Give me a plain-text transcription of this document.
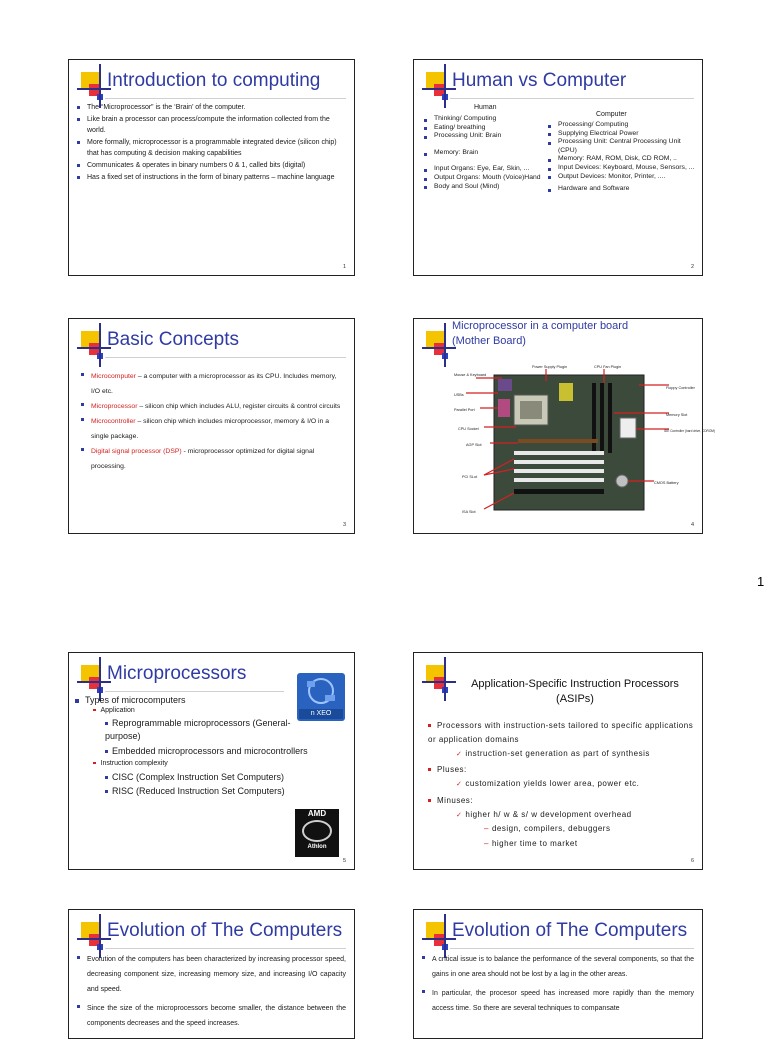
Introduction to computing
The “Microprocessor” is the ‘Brain’ of the computer.
Like brain a processor can process/compute the information collected from the world.
More formally, microprocessor is a programmable integrated device (silicon chip) that has computing & decision making capabilities
Communicates & operates in binary numbers 0 & 1, called bits (digital)
Has a fixed set of instructions in the form of binary patterns – machine language
1
Human vs Computer
Human
Computer
Thinking/ Computing
Eating/ breathing
Processing Unit: Brain
Memory: Brain
Input Organs: Eye, Ear, Skin, ...
Output Organs: Mouth (Voice)Hand
Body and Soul (Mind)
Processing/ Computing
Supplying Electrical Power
Processing Unit: Central Processing Unit (CPU)
Memory: RAM, ROM, Disk, CD ROM, ..
Input Devices: Keyboard, Mouse, Sensors, ...
Output Devices: Monitor, Printer, ....
Hardware and Software
2
Basic Concepts
Microcomputer – a computer with a microprocessor as its CPU. Includes memory, I/O etc.
Microprocessor – silicon chip which includes ALU, register circuits & control circuits
Microcontroller – silicon chip which includes microprocessor, memory & I/O in a single package.
Digital signal processor (DSP) - microprocessor optimized for digital signal processing.
3
Microprocessor in a computer board
(Mother Board)
Mouse & Keyboard
Power Supply Plugin	CPU Fan Plugin
Floppy Controller
USBs
Parallel Port
CPU Socket
AGP Slot
Memory Slot
IDE Controller (hard drive, CDROM)
PCI SLot
CMOS Battery
ISA Slot
4
1
Microprocessors
Types of microcomputers
Application
Reprogrammable microprocessors (General-purpose)
Embedded microprocessors and microcontrollers
Instruction complexity
CISC (Complex Instruction Set Computers)
RISC (Reduced Instruction Set Computers)
n XEO
AMD
Athlon
5
Application-Specific Instruction Processors
(ASIPs)
Processors with instruction-sets tailored to specific applications or application domains
✓ instruction-set generation as part of synthesis
Pluses:
✓ customization yields lower area, power etc.
Minuses:
✓ higher h/ w & s/ w development overhead
– design, compilers, debuggers
– higher time to market
6
Evolution of The Computers
Evolution of the computers has been characterized by increasing processor speed, decreasing component size, increasing memory size, and increasing I/O capacity and speed.
Since the size of the microprocessors become smaller, the distance between the components decreases and the speed increases.
Evolution of The Computers
A critical issue is to balance the performance of the several components, so that the gains in one area should not be lost by a lag in the other areas.
In particular, the procesor speed has increased more rapidly than the memory access time. So there are several techniques to compansate
